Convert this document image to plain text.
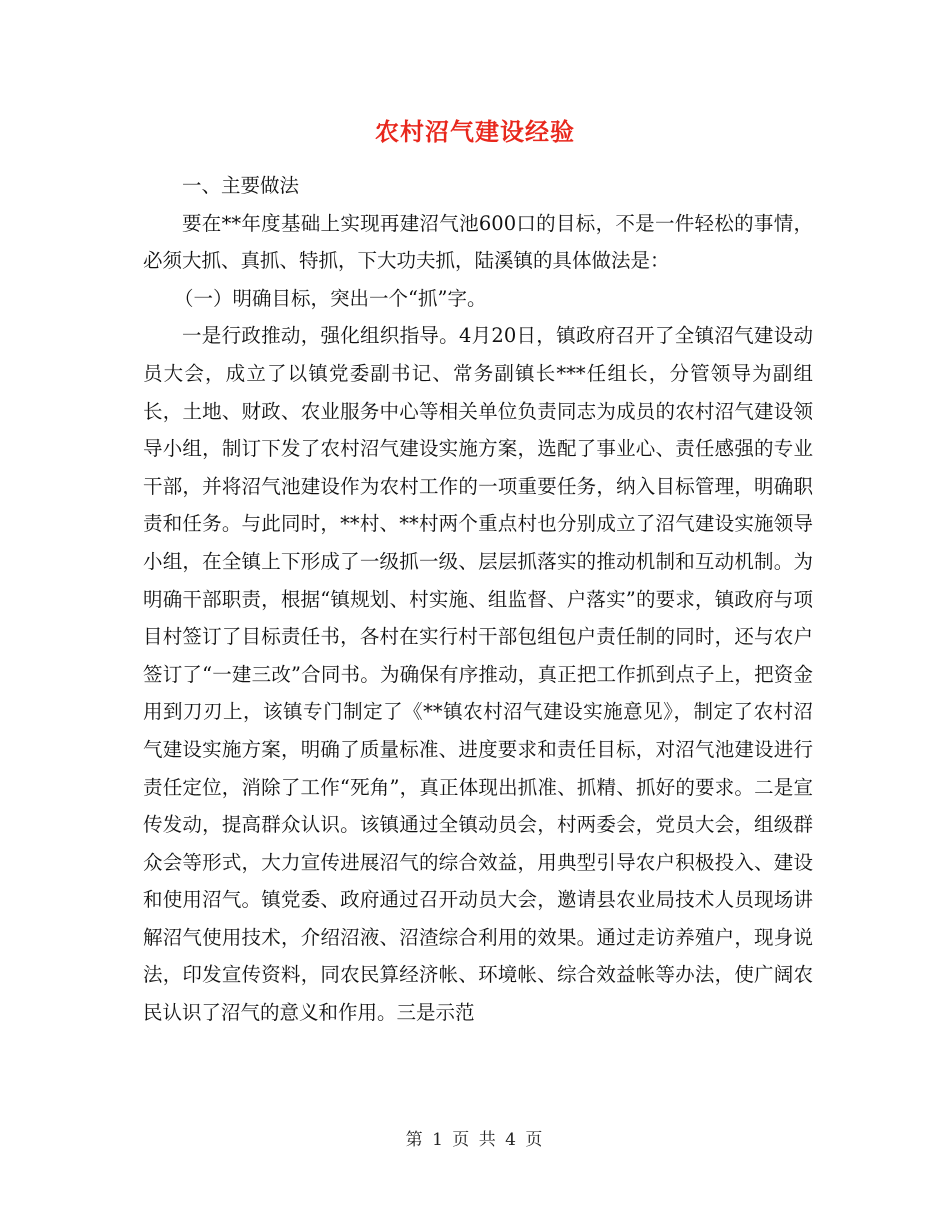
农村沼气建设经验

一、主要做法

要在**年度基础上实现再建沼气池600口的目标，不是一件轻松的事情，必须大抓、真抓、特抓，下大功夫抓，陆溪镇的具体做法是：

（一）明确目标，突出一个“抓”字。

一是行政推动，强化组织指导。4月20日，镇政府召开了全镇沼气建设动员大会，成立了以镇党委副书记、常务副镇长***任组长，分管领导为副组长，土地、财政、农业服务中心等相关单位负责同志为成员的农村沼气建设领导小组，制订下发了农村沼气建设实施方案，选配了事业心、责任感强的专业干部，并将沼气池建设作为农村工作的一项重要任务，纳入目标管理，明确职责和任务。与此同时，**村、**村两个重点村也分别成立了沼气建设实施领导小组，在全镇上下形成了一级抓一级、层层抓落实的推动机制和互动机制。为明确干部职责，根据“镇规划、村实施、组监督、户落实”的要求，镇政府与项目村签订了目标责任书，各村在实行村干部包组包户责任制的同时，还与农户签订了“一建三改”合同书。为确保有序推动，真正把工作抓到点子上，把资金用到刀刃上，该镇专门制定了《**镇农村沼气建设实施意见》，制定了农村沼气建设实施方案，明确了质量标准、进度要求和责任目标，对沼气池建设进行责任定位，消除了工作“死角”，真正体现出抓准、抓精、抓好的要求。二是宣传发动，提高群众认识。该镇通过全镇动员会，村两委会，党员大会，组级群众会等形式，大力宣传进展沼气的综合效益，用典型引导农户积极投入、建设和使用沼气。镇党委、政府通过召开动员大会，邀请县农业局技术人员现场讲解沼气使用技术，介绍沼液、沼渣综合利用的效果。通过走访养殖户，现身说法，印发宣传资料，同农民算经济帐、环境帐、综合效益帐等办法，使广阔农民认识了沼气的意义和作用。三是示范

第 1 页 共 4 页
